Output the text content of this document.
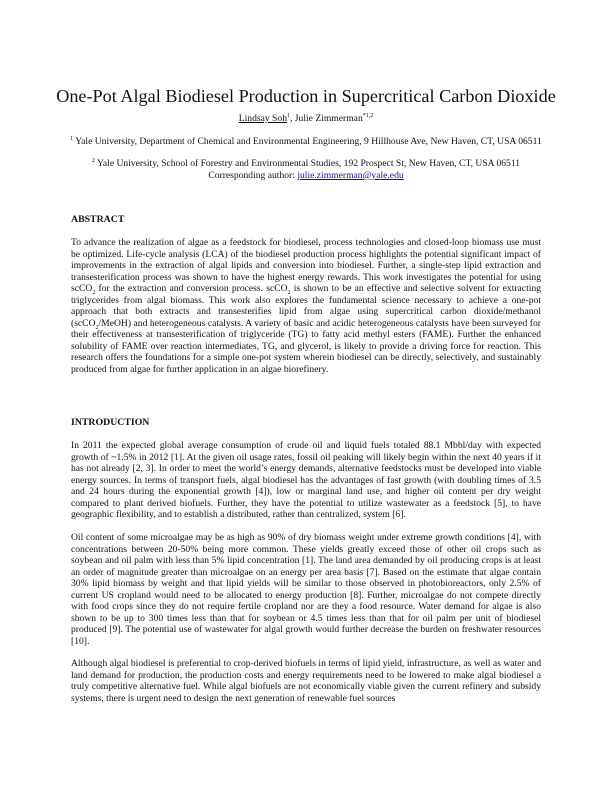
One-Pot Algal Biodiesel Production in Supercritical Carbon Dioxide
Lindsay Soh$^1$, Julie Zimmerman$^{*1,2}$
$^1$ Yale University, Department of Chemical and Environmental Engineering, 9 Hillhouse Ave, New Haven, CT, USA 06511
$^2$ Yale University, School of Forestry and Environmental Studies, 192 Prospect St, New Haven, CT, USA 06511
Corresponding author: julie.zimmerman@yale.edu
ABSTRACT
To advance the realization of algae as a feedstock for biodiesel, process technologies and closed-loop biomass use must be optimized. Life-cycle analysis (LCA) of the biodiesel production process highlights the potential significant impact of improvements in the extraction of algal lipids and conversion into biodiesel. Further, a single-step lipid extraction and transesterification process was shown to have the highest energy rewards. This work investigates the potential for using scCO$_2$ for the extraction and conversion process. scCO$_2$ is shown to be an effective and selective solvent for extracting triglycerides from algal biomass. This work also explores the fundamental science necessary to achieve a one-pot approach that both extracts and transesterifies lipid from algae using supercritical carbon dioxide/methanol (scCO$_2$/MeOH) and heterogeneous catalysts. A variety of basic and acidic heterogeneous catalysts have been surveyed for their effectiveness at transesterification of triglyceride (TG) to fatty acid methyl esters (FAME). Further the enhanced solubility of FAME over reaction intermediates, TG, and glycerol, is likely to provide a driving force for reaction. This research offers the foundations for a simple one-pot system wherein biodiesel can be directly, selectively, and sustainably produced from algae for further application in an algae biorefinery.
INTRODUCTION
In 2011 the expected global average consumption of crude oil and liquid fuels totaled 88.1 Mbbl/day with expected growth of ~1.5% in 2012 [1]. At the given oil usage rates, fossil oil peaking will likely begin within the next 40 years if it has not already [2, 3]. In order to meet the world’s energy demands, alternative feedstocks must be developed into viable energy sources. In terms of transport fuels, algal biodiesel has the advantages of fast growth (with doubling times of 3.5 and 24 hours during the exponential growth [4]), low or marginal land use, and higher oil content per dry weight compared to plant derived biofuels. Further, they have the potential to utilize wastewater as a feedstock [5], to have geographic flexibility, and to establish a distributed, rather than centralized, system [6].
Oil content of some microalgae may be as high as 90% of dry biomass weight under extreme growth conditions [4], with concentrations between 20-50% being more common. These yields greatly exceed those of other oil crops such as soybean and oil palm with less than 5% lipid concentration [1]. The land area demanded by oil producing crops is at least an order of magnitude greater than microalgae on an energy per area basis [7]. Based on the estimate that algae contain 30% lipid biomass by weight and that lipid yields will be similar to those observed in photobioreactors, only 2.5% of current US cropland would need to be allocated to energy production [8]. Further, microalgae do not compete directly with food crops since they do not require fertile cropland nor are they a food resource. Water demand for algae is also shown to be up to 300 times less than that for soybean or 4.5 times less than that for oil palm per unit of biodiesel produced [9]. The potential use of wastewater for algal growth would further decrease the burden on freshwater resources [10].
Although algal biodiesel is preferential to crop-derived biofuels in terms of lipid yield, infrastructure, as well as water and land demand for production, the production costs and energy requirements need to be lowered to make algal biodiesel a truly competitive alternative fuel. While algal biofuels are not economically viable given the current refinery and subsidy systems, there is urgent need to design the next generation of renewable fuel sources
